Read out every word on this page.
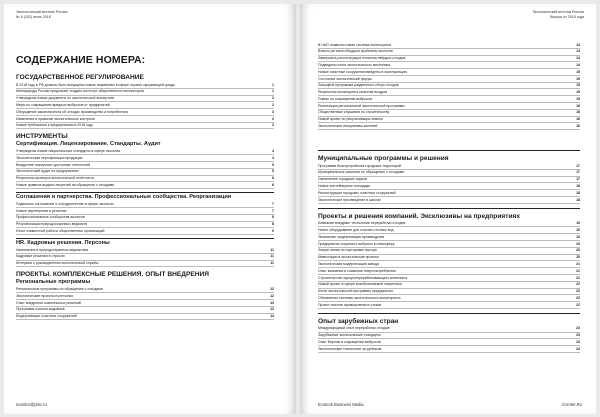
Экологический вестник России
№ 6 (152) июнь 2018
СОДЕРЖАНИЕ НОМЕРА:
ГОСУДАРСТВЕННОЕ РЕГУЛИРОВАНИЕ
В 2018 году в РФ должны быть выпущены новые нормативы в сфере охраны окружающей среды	1
Минприроды России предлагает создать институт общественных инспекторов	1
Утверждены новые документы по экологической экспертизе	2
Меры по сокращению вредных выбросов от предприятий	2
Обсуждение законопроекта об отходах производства и потребления	3
Изменения в правилах экологического контроля	3
Новые требования к предприятиям в 2018 году	3
ИНСТРУМЕНТЫ
Сертификация. Лицензирование. Стандарты. Аудит
Утверждены новые национальные стандарты в сфере экологии	4
Экологическая сертификация продукции	4
Внедрение наилучших доступных технологий	5
Экологический аудит на предприятиях	5
Результаты проверок экологической отчётности	6
Новые правила выдачи лицензий на обращение с отходами	6
Соглашения и партнерства. Профессиональные сообщества. Реорганизации
Подписано соглашение о сотрудничестве в сфере экологии	7
Новые партнёрства в регионах	7
Профессиональные сообщества экологов	8
Реорганизация природоохранных ведомств	8
Итоги совместной работы общественных организаций	9
HR. Кадровые решения. Персоны
Назначения в природоохранных ведомствах	11
Кадровые решения в отрасли	11
Интервью с руководителем экологической службы	11
ПРОЕКТЫ. КОМПЛЕКСНЫЕ РЕШЕНИЯ. ОПЫТ ВНЕДРЕНИЯ
Региональные программы
Региональные программы по обращению с отходами	12
Экологические проекты в регионах	12
Опыт внедрения комплексных решений	13
Программа очистки водоёмов	13
Модернизация очистных сооружений	14
monitor@ptsc.ru
Экологический вестник России
Выпуск от 2018 года
В НАО появится новая система мониторинга	14
Власти региона обсудили проблемы экологии	14
Завершена реконструкция полигона твёрдых отходов	14
Подведены итоги экологического месячника	14
Новые очистные сооружения введены в эксплуатацию	15
Состоялся экологический форум	15
Запущена программа раздельного сбора отходов	15
Результаты мониторинга качества воздуха	15
Планы по сокращению выбросов	15
Реализация региональной экологической программы	16
Общественные слушания по строительству	16
Новый проект по рекультивации земель	16
Экологические инициативы жителей	16
Муниципальные программы и решения
Программа благоустройства городских территорий	17
Муниципальные решения по обращению с отходами	17
Озеленение городских парков	17
Новые контейнерные площадки	18
Реконструкция городских очистных сооружений	18
Экологическое просвещение в школах	18
Проекты и решения компаний. Эксклюзивы на предприятиях
Компании внедряют технологии переработки отходов	19
Новое оборудование для очистки сточных вод	19
Эксклюзив: модернизация производства	19
Предприятие сократило выбросы в атмосферу	20
Запуск линии по сортировке мусора	20
Инвестиции в экологические проекты	20
Экологическая модернизация завода	21
Опыт компании в снижении энергопотребления	21
Строительство мусороперерабатывающего комплекса	21
Новый проект в сфере возобновляемой энергетики	22
Итоги экологической программы предприятия	22
Обновление системы экологического мониторинга	22
Проект очистки промышленных стоков	22
Опыт зарубежных стран
Международный опыт переработки отходов	23
Зарубежные экологические стандарты	23
Опыт Европы в сокращении выбросов	23
Экологические технологии за рубежом	24
Ecoteck Business Media	iCenter.Ru
